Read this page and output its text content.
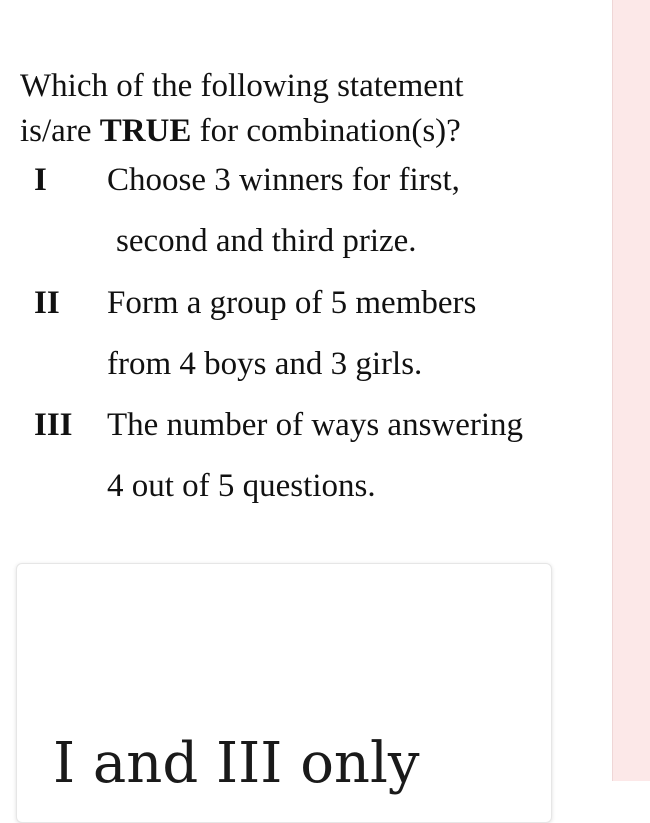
Which of the following statement
is/are TRUE for combination(s)?

I Choose 3 winners for first,
second and third prize.
II Form a group of 5 members
from 4 boys and 3 girls.
III The number of ways answering
4 out of 5 questions.
I and III only
